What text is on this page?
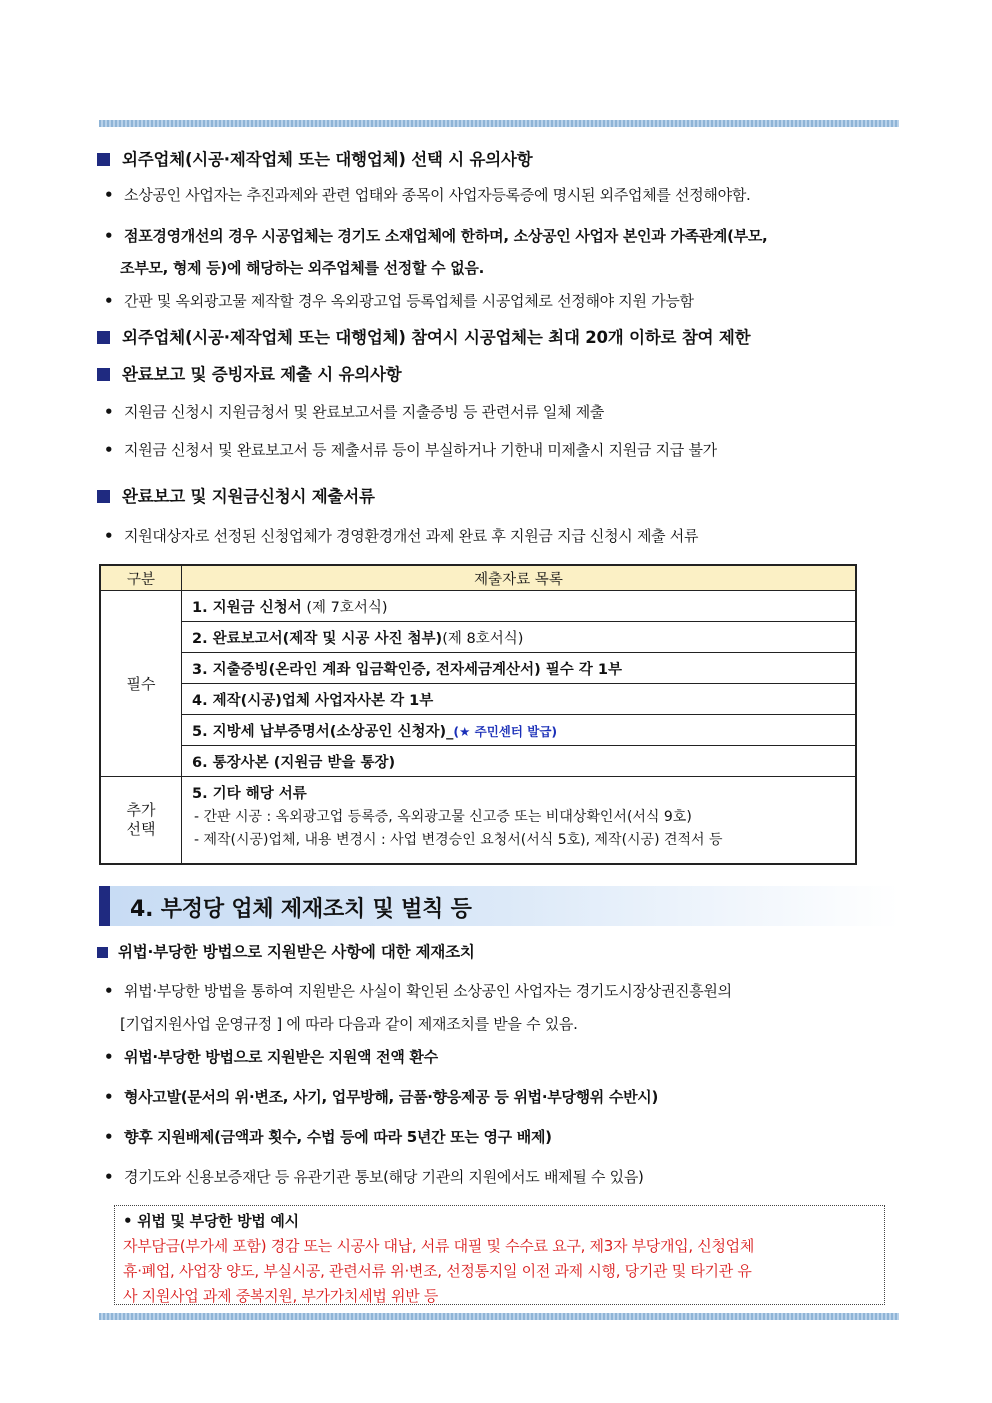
외주업체(시공·제작업체 또는 대행업체) 선택 시 유의사항
• 소상공인 사업자는 추진과제와 관련 업태와 종목이 사업자등록증에 명시된 외주업체를 선정해야함.
• 점포경영개선의 경우 시공업체는 경기도 소재업체에 한하며, 소상공인 사업자 본인과 가족관계(부모,
조부모, 형제 등)에 해당하는 외주업체를 선정할 수 없음.
• 간판 및 옥외광고물 제작할 경우 옥외광고업 등록업체를 시공업체로 선정해야 지원 가능함
외주업체(시공·제작업체 또는 대행업체) 참여시 시공업체는 최대 20개 이하로 참여 제한
완료보고 및 증빙자료 제출 시 유의사항
• 지원금 신청시 지원금청서 및 완료보고서를 지출증빙 등 관련서류 일체 제출
• 지원금 신청서 및 완료보고서 등 제출서류 등이 부실하거나 기한내 미제출시 지원금 지급 불가
완료보고 및 지원금신청시 제출서류
• 지원대상자로 선정된 신청업체가 경영환경개선 과제 완료 후 지원금 지급 신청시 제출 서류
구분	제출자료 목록
필수	1. 지원금 신청서 (제 7호서식)
	2. 완료보고서(제작 및 시공 사진 첨부)(제 8호서식)
	3. 지출증빙(온라인 계좌 입금확인증, 전자세금계산서) 필수 각 1부
	4. 제작(시공)업체 사업자사본 각 1부
	5. 지방세 납부증명서(소상공인 신청자)_(★ 주민센터 발급)
	6. 통장사본 (지원금 받을 통장)
추가
선택	5. 기타 해당 서류
- 간판 시공 : 옥외광고업 등록증, 옥외광고물 신고증 또는 비대상확인서(서식 9호)
- 제작(시공)업체, 내용 변경시 : 사업 변경승인 요청서(서식 5호), 제작(시공) 견적서 등
4. 부정당 업체 제재조치 및 벌칙 등
위법·부당한 방법으로 지원받은 사항에 대한 제재조치
• 위법·부당한 방법을 통하여 지원받은 사실이 확인된 소상공인 사업자는 경기도시장상권진흥원의
[기업지원사업 운영규정 ] 에 따라 다음과 같이 제재조치를 받을 수 있음.
• 위법·부당한 방법으로 지원받은 지원액 전액 환수
• 형사고발(문서의 위·변조, 사기, 업무방해, 금품·향응제공 등 위법·부당행위 수반시)
• 향후 지원배제(금액과 횟수, 수법 등에 따라 5년간 또는 영구 배제)
• 경기도와 신용보증재단 등 유관기관 통보(해당 기관의 지원에서도 배제될 수 있음)
• 위법 및 부당한 방법 예시
자부담금(부가세 포함) 경감 또는 시공사 대납, 서류 대필 및 수수료 요구, 제3자 부당개입, 신청업체
휴·폐업, 사업장 양도, 부실시공, 관련서류 위·변조, 선정통지일 이전 과제 시행, 당기관 및 타기관 유
사 지원사업 과제 중복지원, 부가가치세법 위반 등
